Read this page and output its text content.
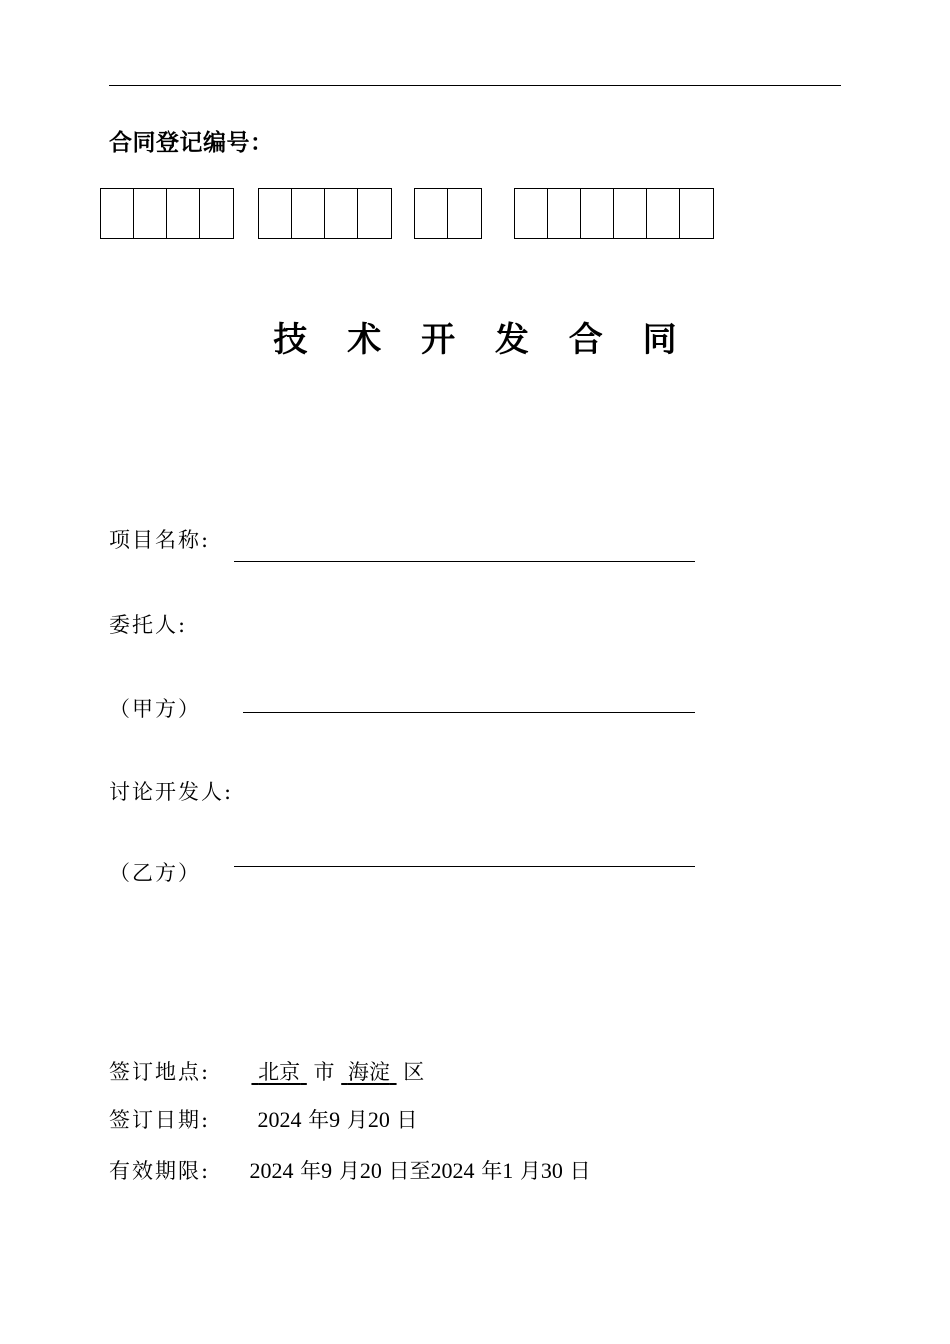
合同登记编号：
技 术 开 发 合 同
项目名称:
委托人:
（甲方）
讨论开发人:
（乙方）
签订地点: 北京 市 海淀 区
签订日期: 2024 年9 月20 日
有效期限: 2024 年9 月20 日至2024 年1 月30 日
